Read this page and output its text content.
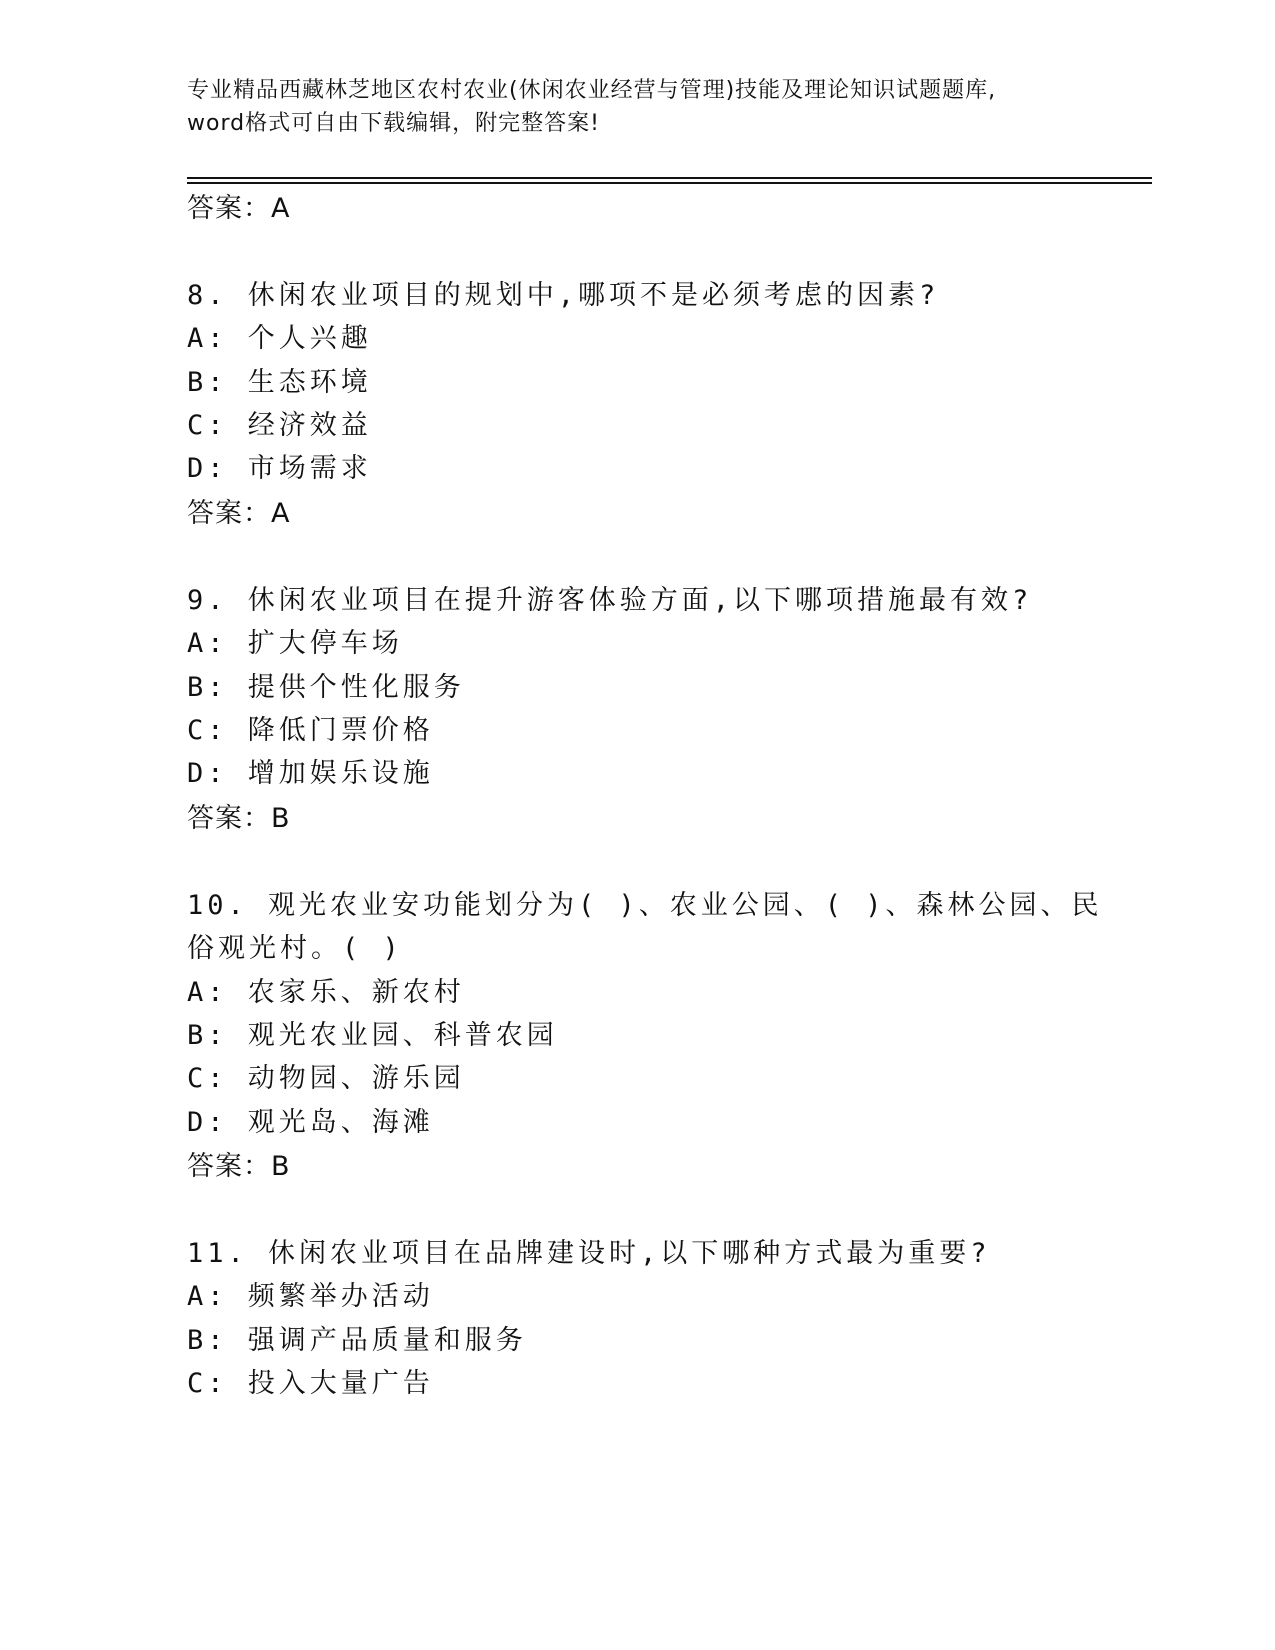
专业精品西藏林芝地区农村农业(休闲农业经营与管理)技能及理论知识试题题库,
word格式可自由下载编辑，附完整答案!
答案：A
8. 休闲农业项目的规划中,哪项不是必须考虑的因素?
A: 个人兴趣
B: 生态环境
C: 经济效益
D: 市场需求
答案：A
9. 休闲农业项目在提升游客体验方面,以下哪项措施最有效?
A: 扩大停车场
B: 提供个性化服务
C: 降低门票价格
D: 增加娱乐设施
答案：B
10. 观光农业安功能划分为( )、农业公园、( )、森林公园、民
俗观光村。( )
A: 农家乐、新农村
B: 观光农业园、科普农园
C: 动物园、游乐园
D: 观光岛、海滩
答案：B
11. 休闲农业项目在品牌建设时,以下哪种方式最为重要?
A: 频繁举办活动
B: 强调产品质量和服务
C: 投入大量广告
